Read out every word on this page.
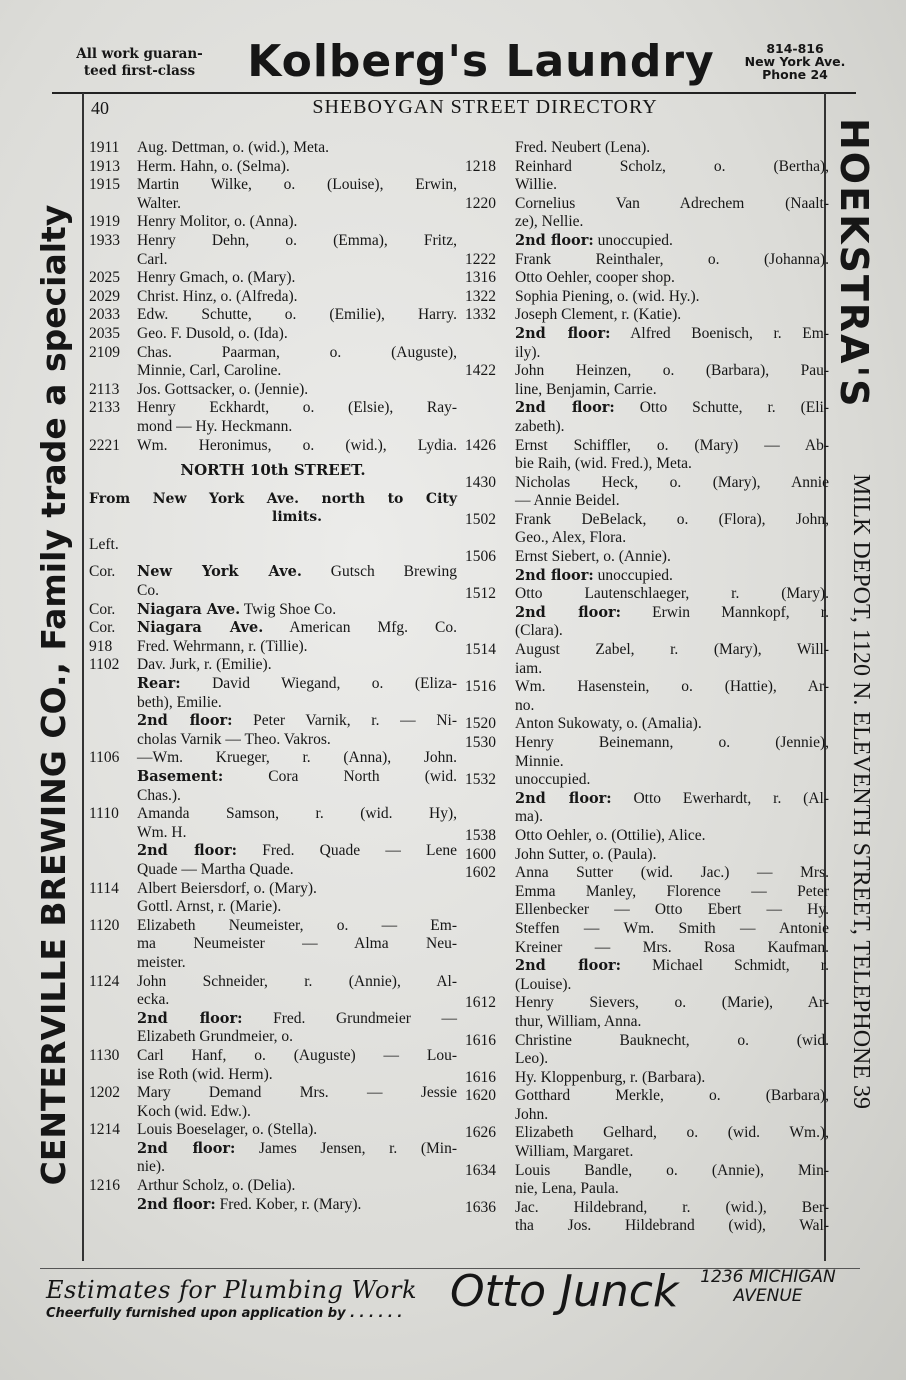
All work guaran-
teed first-class	Kolberg's Laundry	814-816
New York Ave.
Phone 24
40	SHEBOYGAN STREET DIRECTORY
CENTERVILLE BREWING CO., Family trade a specialty	HOEKSTRA'S
MILK DEPOT, 1120 N. ELEVENTH STREET, TELEPHONE 39
1911	Aug. Dettman, o. (wid.), Meta.
1913	Herm. Hahn, o. (Selma).
1915	Martin Wilke, o. (Louise), Erwin,
Walter.
1919	Henry Molitor, o. (Anna).
1933	Henry Dehn, o. (Emma), Fritz,
Carl.
2025	Henry Gmach, o. (Mary).
2029	Christ. Hinz, o. (Alfreda).
2033	Edw. Schutte, o. (Emilie), Harry.
2035	Geo. F. Dusold, o. (Ida).
2109	Chas. Paarman, o. (Auguste),
Minnie, Carl, Caroline.
2113	Jos. Gottsacker, o. (Jennie).
2133	Henry Eckhardt, o. (Elsie), Ray-
mond — Hy. Heckmann.
2221	Wm. Heronimus, o. (wid.), Lydia.
NORTH 10th STREET.
From New York Ave. north to City
limits.
Left.
Cor.	New York Ave. Gutsch Brewing
Co.
Cor.	Niagara Ave. Twig Shoe Co.
Cor.	Niagara Ave. American Mfg. Co.
918	Fred. Wehrmann, r. (Tillie).
1102	Dav. Jurk, r. (Emilie).
Rear: David Wiegand, o. (Eliza-
beth), Emilie.
2nd floor: Peter Varnik, r. — Ni-
cholas Varnik — Theo. Vakros.
1106	—Wm. Krueger, r. (Anna), John.
Basement: Cora North (wid.
Chas.).
1110	Amanda Samson, r. (wid. Hy),
Wm. H.
2nd floor: Fred. Quade — Lene
Quade — Martha Quade.
1114	Albert Beiersdorf, o. (Mary).
Gottl. Arnst, r. (Marie).
1120	Elizabeth Neumeister, o. — Em-
ma Neumeister — Alma Neu-
meister.
1124	John Schneider, r. (Annie), Al-
ecka.
2nd floor: Fred. Grundmeier —
Elizabeth Grundmeier, o.
1130	Carl Hanf, o. (Auguste) — Lou-
ise Roth (wid. Herm).
1202	Mary Demand Mrs. — Jessie
Koch (wid. Edw.).
1214	Louis Boeselager, o. (Stella).
2nd floor: James Jensen, r. (Min-
nie).
1216	Arthur Scholz, o. (Delia).
2nd floor: Fred. Kober, r. (Mary).
Fred. Neubert (Lena).
1218	Reinhard Scholz, o. (Bertha),
Willie.
1220	Cornelius Van Adrechem (Naalt-
ze), Nellie.
2nd floor: unoccupied.
1222	Frank Reinthaler, o. (Johanna).
1316	Otto Oehler, cooper shop.
1322	Sophia Piening, o. (wid. Hy.).
1332	Joseph Clement, r. (Katie).
2nd floor: Alfred Boenisch, r. Em-
ily).
1422	John Heinzen, o. (Barbara), Pau-
line, Benjamin, Carrie.
2nd floor: Otto Schutte, r. (Eli-
zabeth).
1426	Ernst Schiffler, o. (Mary) — Ab-
bie Raih, (wid. Fred.), Meta.
1430	Nicholas Heck, o. (Mary), Annie
— Annie Beidel.
1502	Frank DeBelack, o. (Flora), John,
Geo., Alex, Flora.
1506	Ernst Siebert, o. (Annie).
2nd floor: unoccupied.
1512	Otto Lautenschlaeger, r. (Mary).
2nd floor: Erwin Mannkopf, r.
(Clara).
1514	August Zabel, r. (Mary), Will-
iam.
1516	Wm. Hasenstein, o. (Hattie), Ar-
no.
1520	Anton Sukowaty, o. (Amalia).
1530	Henry Beinemann, o. (Jennie),
Minnie.
1532	unoccupied.
2nd floor: Otto Ewerhardt, r. (Al-
ma).
1538	Otto Oehler, o. (Ottilie), Alice.
1600	John Sutter, o. (Paula).
1602	Anna Sutter (wid. Jac.) — Mrs.
Emma Manley, Florence — Peter
Ellenbecker — Otto Ebert — Hy.
Steffen — Wm. Smith — Antonie
Kreiner — Mrs. Rosa Kaufman.
2nd floor: Michael Schmidt, r.
(Louise).
1612	Henry Sievers, o. (Marie), Ar-
thur, William, Anna.
1616	Christine Bauknecht, o. (wid.
Leo).
1616	Hy. Kloppenburg, r. (Barbara).
1620	Gotthard Merkle, o. (Barbara),
John.
1626	Elizabeth Gelhard, o. (wid. Wm.),
William, Margaret.
1634	Louis Bandle, o. (Annie), Min-
nie, Lena, Paula.
1636	Jac. Hildebrand, r. (wid.), Ber-
tha Jos. Hildebrand (wid), Wal-
Estimates for Plumbing Work
Cheerfully furnished upon application by . . . . . . Otto Junck	1236 MICHIGAN
AVENUE
